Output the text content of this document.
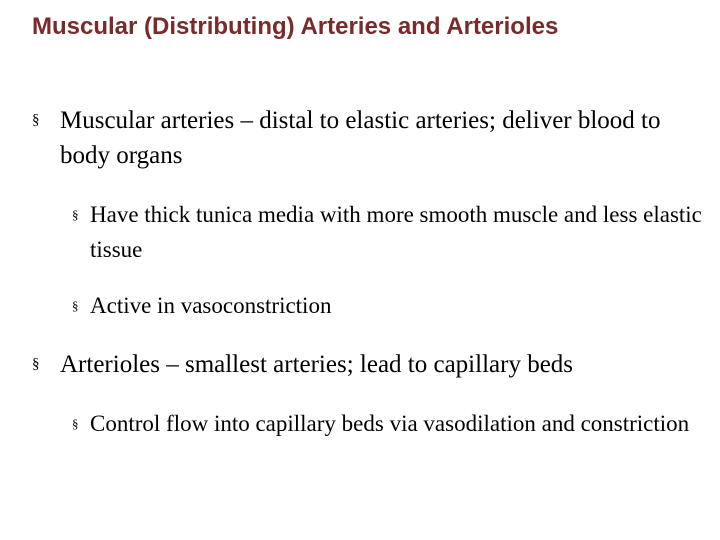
Muscular (Distributing) Arteries and Arterioles
§ Muscular arteries – distal to elastic arteries; deliver blood to body organs
§ Have thick tunica media with more smooth muscle and less elastic tissue
§ Active in vasoconstriction
§ Arterioles – smallest arteries; lead to capillary beds
§ Control flow into capillary beds via vasodilation and constriction
